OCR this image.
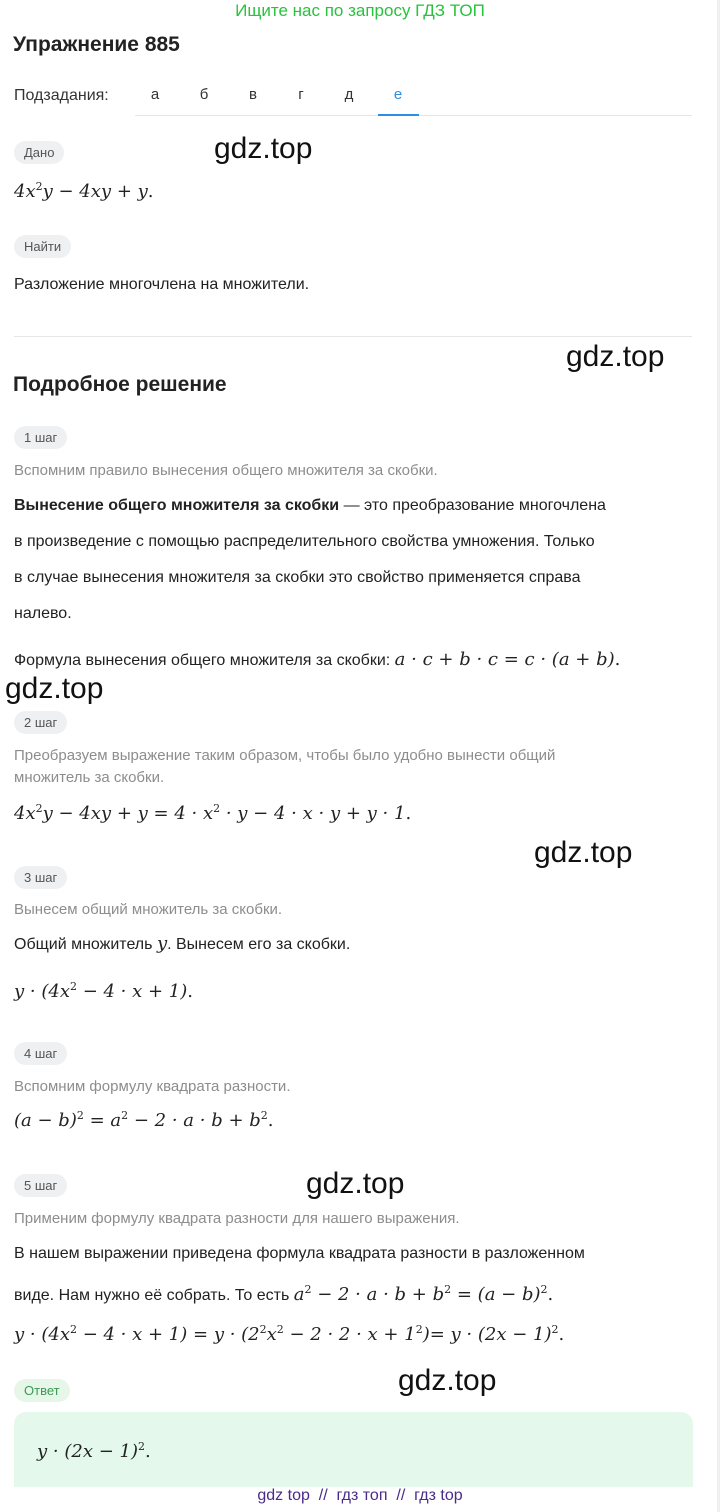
Ищите нас по запросу ГДЗ ТОП
Упражнение 885
Подзадания:	а	б	в	г	д	е
Дано
$4x^2y - 4xy + y$.
Найти
Разложение многочлена на множители.
Подробное решение
1 шаг
Вспомним правило вынесения общего множителя за скобки.
Вынесение общего множителя за скобки — это преобразование многочлена
в произведение с помощью распределительного свойства умножения. Только
в случае вынесения множителя за скобки это свойство применяется справа
налево.
Формула вынесения общего множителя за скобки: a · c + b · c = c · (a + b).
2 шаг
Преобразуем выражение таким образом, чтобы было удобно вынести общий
множитель за скобки.
$4x^2y - 4xy + y = 4 \cdot x^2 \cdot y - 4 \cdot x \cdot y + y \cdot 1$.
3 шаг
Вынесем общий множитель за скобки.
Общий множитель y. Вынесем его за скобки.
$y \cdot (4x^2 - 4 \cdot x + 1)$.
4 шаг
Вспомним формулу квадрата разности.
$(a - b)^2 = a^2 - 2 \cdot a \cdot b + b^2$.
5 шаг
Применим формулу квадрата разности для нашего выражения.
В нашем выражении приведена формула квадрата разности в разложенном
виде. Нам нужно её собрать. То есть $a^2 - 2 \cdot a \cdot b + b^2 = (a - b)^2$.
$y \cdot (4x^2 - 4 \cdot x + 1) = y \cdot (2^2x^2 - 2 \cdot 2 \cdot x + 1^2)= y \cdot (2x - 1)^2$.
Ответ
$y \cdot (2x - 1)^2$.
gdz.top
gdz.top
gdz.top
gdz.top
gdz.top
gdz.top
gdz top  //  гдз топ  //  гдз top
